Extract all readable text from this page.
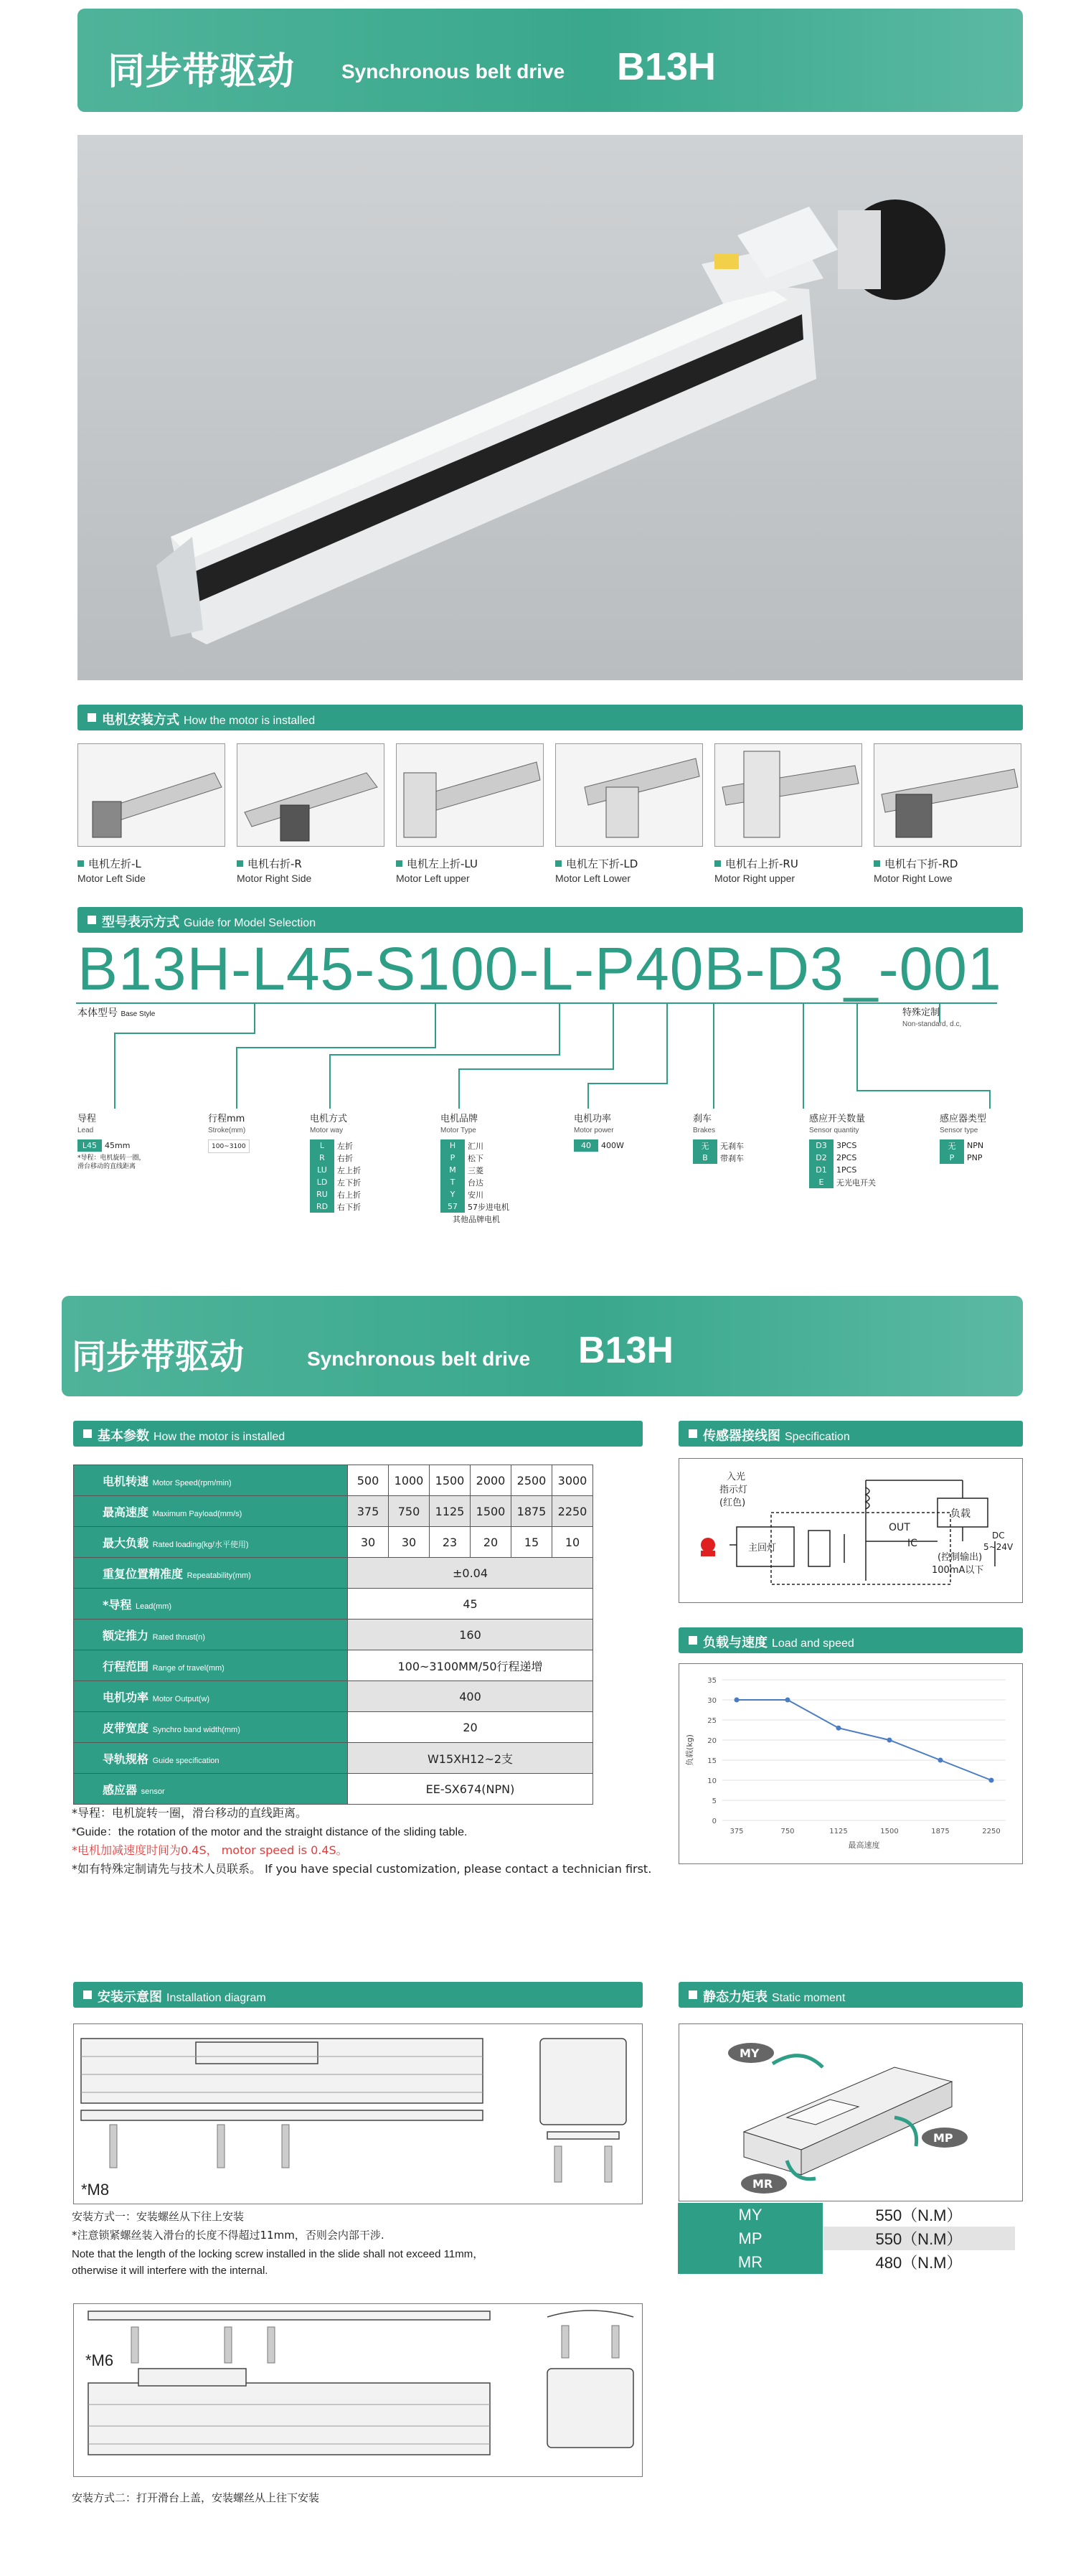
同步带驱动 Synchronous belt drive B13H
电机安装方式 How the motor is installed
电机左折-L
Motor Left Side
电机右折-R
Motor Right Side
电机左上折-LU
Motor Left upper
电机左下折-LD
Motor Left Lower
电机右上折-RU
Motor Right upper
电机右下折-RD
Motor Right Lowe
型号表示方式 Guide for Model Selection
B13H-L45-S100-L-P40B-D3_-001
本体型号 Base Style	特殊定制
Non-standard, d.c,
导程
Lead
L45	45mm
*导程：电机旋转一圈，
滑台移动的直线距离
行程mm
Stroke(mm)
100~3100
电机方式
Motor way
L	左折
R	右折
LU	左上折
LD	左下折
RU	右上折
RD	右下折
电机品牌
Motor Type
H	汇川
P	松下
M	三菱
T	台达
Y	安川
57	57步进电机
其他品牌电机	
电机功率
Motor power
40	400W
刹车
Brakes
无	无刹车
B	带刹车
感应开关数量
Sensor quantity
D3	3PCS
D2	2PCS
D1	1PCS
E	无光电开关
感应器类型
Sensor type
无	NPN
P	PNP
同步带驱动	Synchronous belt drive B13H
基本参数 How the motor is installed
电机转速 Motor Speed(rpm/min)	500	1000	1500	2000	2500	3000
最高速度 Maximum Payload(mm/s)	375	750	1125	1500	1875	2250
最大负载 Rated loading(kg/水平使用)	30	30	23	20	15	10
重复位置精准度 Repeatability(mm)	±0.04					
*导程 Lead(mm)	45					
额定推力 Rated thrust(n)	160					
行程范围 Range of travel(mm)	100~3100MM/50行程递增					
电机功率 Motor Output(w)	400					
皮带宽度 Synchro band width(mm)	20					
导轨规格 Guide specification	W15XH12~2支					
感应器 sensor	EE-SX674(NPN)					
*导程：电机旋转一圈，滑台移动的直线距离。
*Guide：the rotation of the motor and the straight distance of the sliding table.
*电机加减速度时间为0.4S， motor speed is 0.4S。
*如有特殊定制请先与技术人员联系。 If you have special customization, please contact a technician first.
传感器接线图 Specification
入光
指示灯
(红色)
主回灯
负载
OUT
IC
(控制输出)
100mA以下
DC
5~24V
负载与速度 Load and speed
0
5
10
15
20
25
30
35
375	750	1125	1500	1875	2250
最高速度
负载(kg)
安装示意图 Installation diagram
*M8
安装方式一：安装螺丝从下往上安装
*注意锁紧螺丝装入滑台的长度不得超过11mm，否则会内部干涉.
Note that the length of the locking screw installed in the slide shall not exceed 11mm，
otherwise it will interfere with the internal.
*M6
安装方式二：打开滑台上盖，安装螺丝从上往下安装
静态力矩表 Static moment
MY
MP
MR
MY	550（N.M）
MP	550（N.M）
MR	480（N.M）
